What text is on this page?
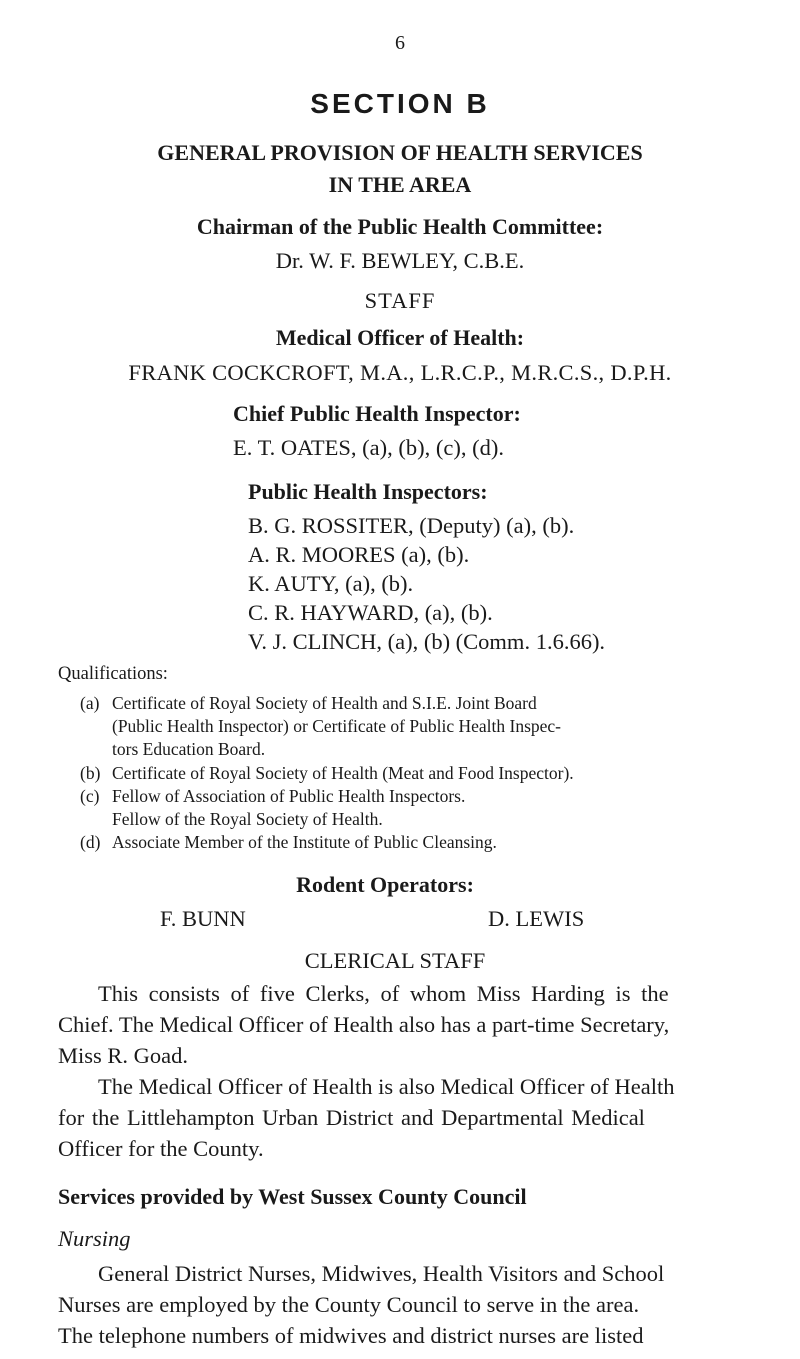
6
SECTION B
GENERAL PROVISION OF HEALTH SERVICES
IN THE AREA
Chairman of the Public Health Committee:
Dr. W. F. BEWLEY, C.B.E.
STAFF
Medical Officer of Health:
FRANK COCKCROFT, M.A., L.R.C.P., M.R.C.S., D.P.H.
Chief Public Health Inspector:
E. T. OATES, (a), (b), (c), (d).
Public Health Inspectors:
B. G. ROSSITER, (Deputy) (a), (b).
A. R. MOORES (a), (b).
K. AUTY, (a), (b).
C. R. HAYWARD, (a), (b).
V. J. CLINCH, (a), (b) (Comm. 1.6.66).
Qualifications:
(a) Certificate of Royal Society of Health and S.I.E. Joint Board
(Public Health Inspector) or Certificate of Public Health Inspec-
tors Education Board.
(b) Certificate of Royal Society of Health (Meat and Food Inspector).
(c) Fellow of Association of Public Health Inspectors.
Fellow of the Royal Society of Health.
(d) Associate Member of the Institute of Public Cleansing.
Rodent Operators:
F. BUNN	D. LEWIS
CLERICAL STAFF
This consists of five Clerks, of whom Miss Harding is the
Chief. The Medical Officer of Health also has a part-time Secretary,
Miss R. Goad.
The Medical Officer of Health is also Medical Officer of Health
for the Littlehampton Urban District and Departmental Medical
Officer for the County.
Services provided by West Sussex County Council
Nursing
General District Nurses, Midwives, Health Visitors and School
Nurses are employed by the County Council to serve in the area.
The telephone numbers of midwives and district nurses are listed
